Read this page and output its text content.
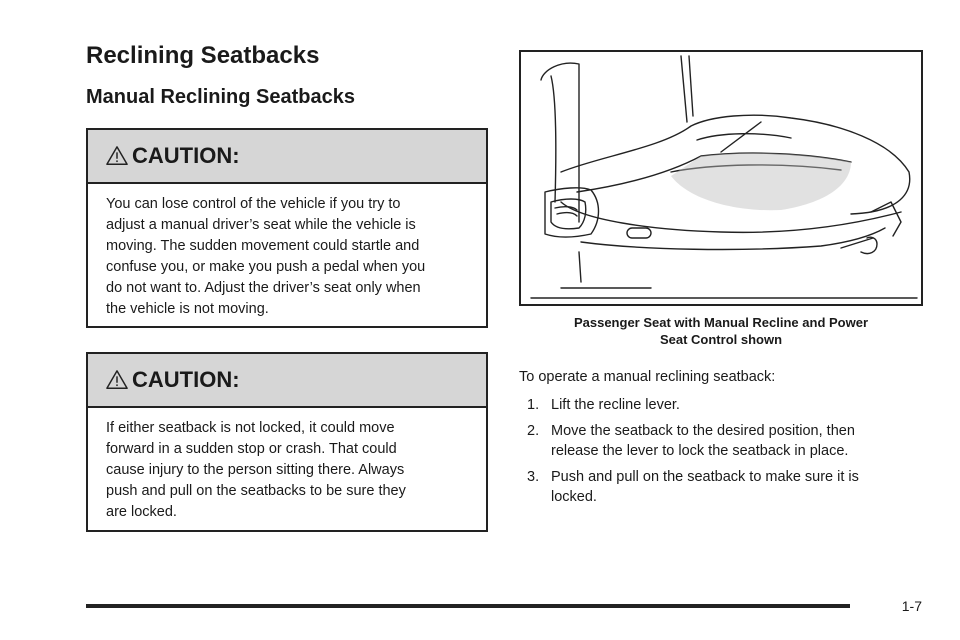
Reclining Seatbacks
Manual Reclining Seatbacks
CAUTION:
You can lose control of the vehicle if you try to
adjust a manual driver’s seat while the vehicle is
moving. The sudden movement could startle and
confuse you, or make you push a pedal when you
do not want to. Adjust the driver’s seat only when
the vehicle is not moving.
CAUTION:
If either seatback is not locked, it could move
forward in a sudden stop or crash. That could
cause injury to the person sitting there. Always
push and pull on the seatbacks to be sure they
are locked.
Passenger Seat with Manual Recline and Power
Seat Control shown
To operate a manual reclining seatback:
1. Lift the recline lever.
2. Move the seatback to the desired position, then
release the lever to lock the seatback in place.
3. Push and pull on the seatback to make sure it is
locked.
1-7
